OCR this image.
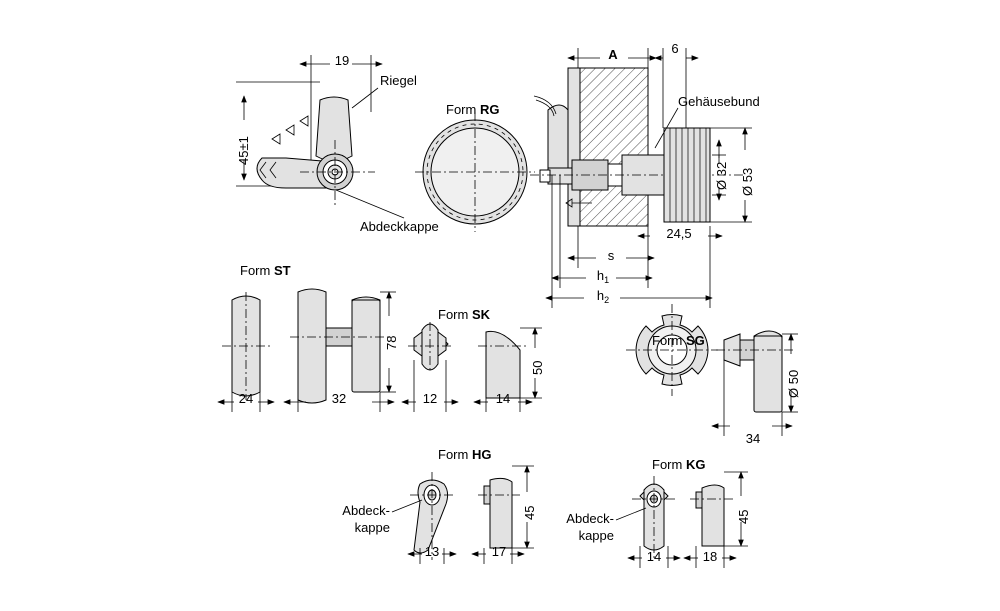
19
45±1
Riegel
Abdeckkappe
Form RG
A	6
Gehäusebund
Ø 32 Ø 53
24,5
s
$h_1$
$h_2$
Form ST
24	32
78
Form SK
12	14
50
Form SG
34
Ø 50
Form HG
Abdeck-
kappe
13	17
45
Form KG
Abdeck-
kappe
14	18
45
